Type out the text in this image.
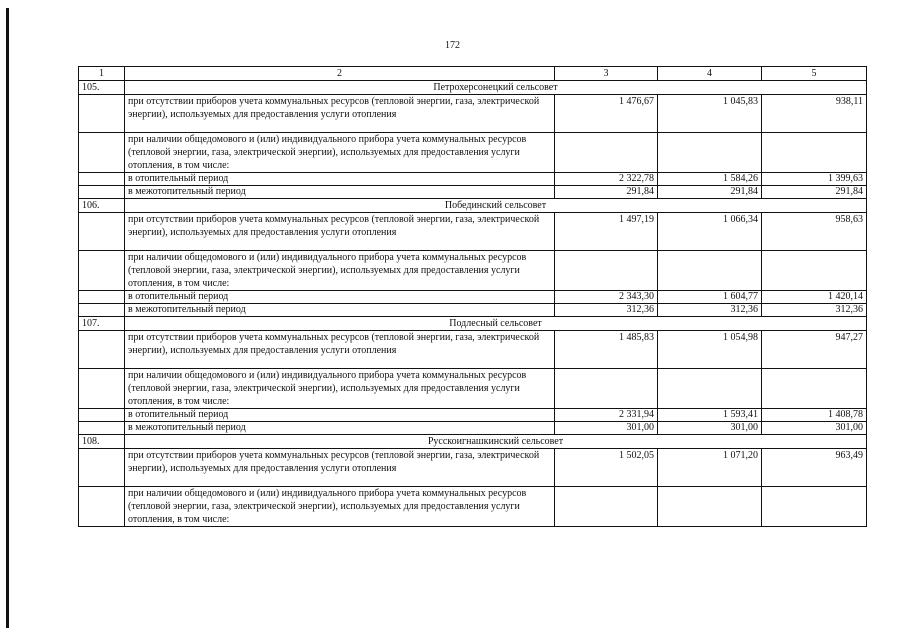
172
1	2	3	4	5
105.	Петрохерсонецкий сельсовет			
	при отсутствии приборов учета коммунальных ресурсов (тепловой энергии, газа, электрической энергии), используемых для предоставления услуги отопления	1 476,67	1 045,83	938,11
	при наличии общедомового и (или) индивидуального прибора учета коммунальных ресурсов (тепловой энергии, газа, электрической энергии), используемых для предоставления услуги отопления, в том числе:			
	в отопительный период	2 322,78	1 584,26	1 399,63
	в межотопительный период	291,84	291,84	291,84
106.	Побединский сельсовет			
	при отсутствии приборов учета коммунальных ресурсов (тепловой энергии, газа, электрической энергии), используемых для предоставления услуги отопления	1 497,19	1 066,34	958,63
	при наличии общедомового и (или) индивидуального прибора учета коммунальных ресурсов (тепловой энергии, газа, электрической энергии), используемых для предоставления услуги отопления, в том числе:			
	в отопительный период	2 343,30	1 604,77	1 420,14
	в межотопительный период	312,36	312,36	312,36
107.	Подлесный сельсовет			
	при отсутствии приборов учета коммунальных ресурсов (тепловой энергии, газа, электрической энергии), используемых для предоставления услуги отопления	1 485,83	1 054,98	947,27
	при наличии общедомового и (или) индивидуального прибора учета коммунальных ресурсов (тепловой энергии, газа, электрической энергии), используемых для предоставления услуги отопления, в том числе:			
	в отопительный период	2 331,94	1 593,41	1 408,78
	в межотопительный период	301,00	301,00	301,00
108.	Русскоигнашкинский сельсовет			
	при отсутствии приборов учета коммунальных ресурсов (тепловой энергии, газа, электрической энергии), используемых для предоставления услуги отопления	1 502,05	1 071,20	963,49
	при наличии общедомового и (или) индивидуального прибора учета коммунальных ресурсов (тепловой энергии, газа, электрической энергии), используемых для предоставления услуги отопления, в том числе:			
